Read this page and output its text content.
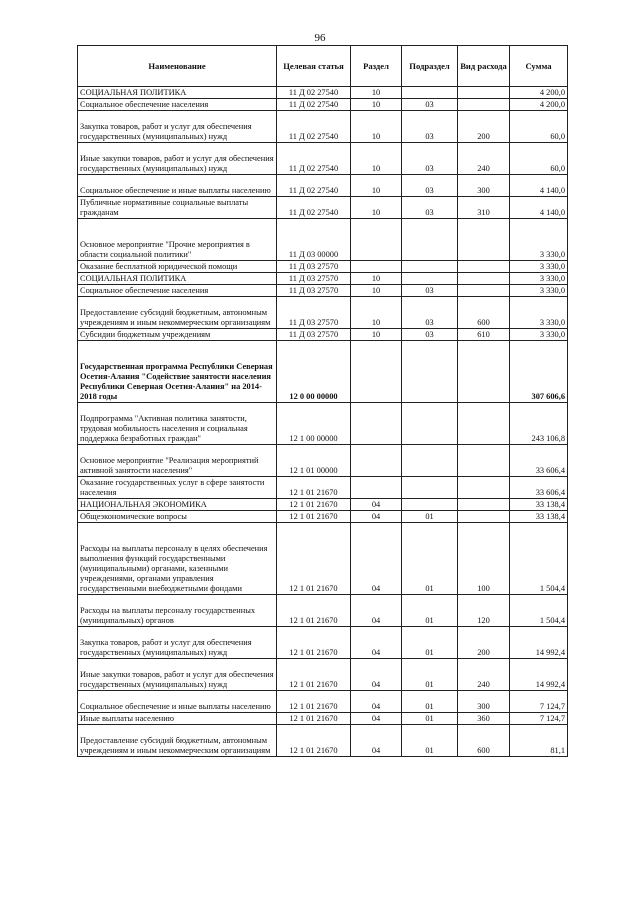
96
Наименование	Целевая статья	Раздел	Подраздел	Вид расхода	Сумма
СОЦИАЛЬНАЯ ПОЛИТИКА	11 Д 02 27540	10			4 200,0
Социальное обеспечение населения	11 Д 02 27540	10	03		4 200,0
Закупка товаров, работ и услуг для обеспечения государственных (муниципальных) нужд	11 Д 02 27540	10	03	200	60,0
Иные закупки товаров, работ и услуг для обеспечения государственных (муниципальных) нужд	11 Д 02 27540	10	03	240	60,0
Социальное обеспечение и иные выплаты населению	11 Д 02 27540	10	03	300	4 140,0
Публичные нормативные социальные выплаты гражданам	11 Д 02 27540	10	03	310	4 140,0
Основное мероприятие "Прочие мероприятия в области социальной политики"	11 Д 03 00000				3 330,0
Оказание бесплатной юридической помощи	11 Д 03 27570				3 330,0
СОЦИАЛЬНАЯ ПОЛИТИКА	11 Д 03 27570	10			3 330,0
Социальное обеспечение населения	11 Д 03 27570	10	03		3 330,0
Предоставление субсидий бюджетным, автономным учреждениям и иным некоммерческим организациям	11 Д 03 27570	10	03	600	3 330,0
Субсидии бюджетным учреждениям	11 Д 03 27570	10	03	610	3 330,0
Государственная программа Республики Северная Осетия-Алания "Содействие занятости населения Республики Северная Осетия-Алания" на 2014-2018 годы	12 0 00 00000				307 606,6
Подпрограмма "Активная политика занятости, трудовая мобильность населения и социальная поддержка безработных граждан"	12 1 00 00000				243 106,8
Основное мероприятие "Реализация мероприятий активной занятости населения"	12 1 01 00000				33 606,4
Оказание государственных услуг в сфере занятости населения	12 1 01 21670				33 606,4
НАЦИОНАЛЬНАЯ ЭКОНОМИКА	12 1 01 21670	04			33 138,4
Общеэкономические вопросы	12 1 01 21670	04	01		33 138,4
Расходы на выплаты персоналу в целях обеспечения выполнения функций государственными (муниципальными) органами, казенными учреждениями, органами управления государственными внебюджетными фондами	12 1 01 21670	04	01	100	1 504,4
Расходы на выплаты персоналу государственных (муниципальных) органов	12 1 01 21670	04	01	120	1 504,4
Закупка товаров, работ и услуг для обеспечения государственных (муниципальных) нужд	12 1 01 21670	04	01	200	14 992,4
Иные закупки товаров, работ и услуг для обеспечения государственных (муниципальных) нужд	12 1 01 21670	04	01	240	14 992,4
Социальное обеспечение и иные выплаты населению	12 1 01 21670	04	01	300	7 124,7
Иные выплаты населению	12 1 01 21670	04	01	360	7 124,7
Предоставление субсидий бюджетным, автономным учреждениям и иным некоммерческим организациям	12 1 01 21670	04	01	600	81,1
